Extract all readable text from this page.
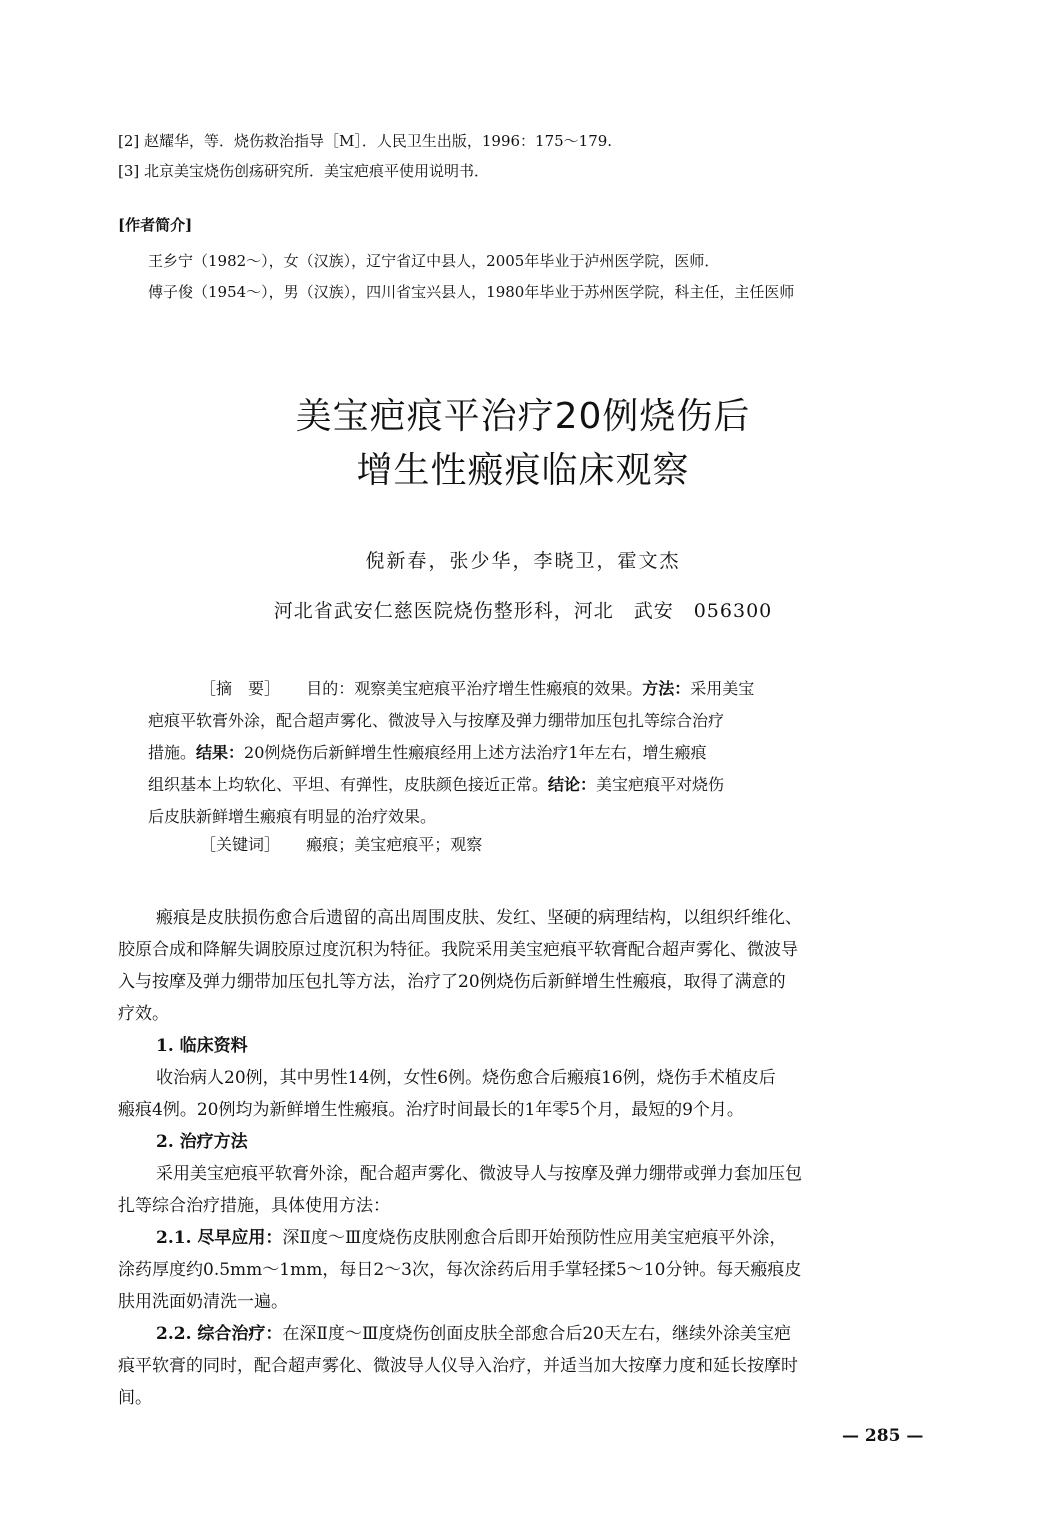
[2] 赵耀华，等．烧伤救治指导［M］．人民卫生出版，1996：175～179.
[3] 北京美宝烧伤创疡研究所．美宝疤痕平使用说明书．
[作者简介]
王乡宁（1982～），女（汉族），辽宁省辽中县人，2005年毕业于泸州医学院，医师．
傅子俊（1954～），男（汉族），四川省宝兴县人，1980年毕业于苏州医学院，科主任，主任医师
美宝疤痕平治疗20例烧伤后
增生性瘢痕临床观察
倪新春，张少华，李晓卫，霍文杰
河北省武安仁慈医院烧伤整形科，河北　武安　056300
［摘　要］ 　 目的：观察美宝疤痕平治疗增生性瘢痕的效果。方法：采用美宝
疤痕平软膏外涂，配合超声雾化、微波导入与按摩及弹力绷带加压包扎等综合治疗
措施。结果：20例烧伤后新鲜增生性瘢痕经用上述方法治疗1年左右，增生瘢痕
组织基本上均软化、平坦、有弹性，皮肤颜色接近正常。结论：美宝疤痕平对烧伤
后皮肤新鲜增生瘢痕有明显的治疗效果。
［关键词］ 　 瘢痕；美宝疤痕平；观察
瘢痕是皮肤损伤愈合后遗留的高出周围皮肤、发红、坚硬的病理结构，以组织纤维化、
胶原合成和降解失调胶原过度沉积为特征。我院采用美宝疤痕平软膏配合超声雾化、微波导
入与按摩及弹力绷带加压包扎等方法，治疗了20例烧伤后新鲜增生性瘢痕，取得了满意的
疗效。
1. 临床资料
收治病人20例，其中男性14例，女性6例。烧伤愈合后瘢痕16例，烧伤手术植皮后
瘢痕4例。20例均为新鲜增生性瘢痕。治疗时间最长的1年零5个月，最短的9个月。
2. 治疗方法
采用美宝疤痕平软膏外涂，配合超声雾化、微波导人与按摩及弹力绷带或弹力套加压包
扎等综合治疗措施，具体使用方法：
2.1. 尽早应用：深Ⅱ度～Ⅲ度烧伤皮肤刚愈合后即开始预防性应用美宝疤痕平外涂，
涂药厚度约0.5mm～1mm，每日2～3次，每次涂药后用手掌轻揉5～10分钟。每天瘢痕皮
肤用洗面奶清洗一遍。
2.2. 综合治疗：在深Ⅱ度～Ⅲ度烧伤创面皮肤全部愈合后20天左右，继续外涂美宝疤
痕平软膏的同时，配合超声雾化、微波导人仪导入治疗，并适当加大按摩力度和延长按摩时
间。
— 285 —
